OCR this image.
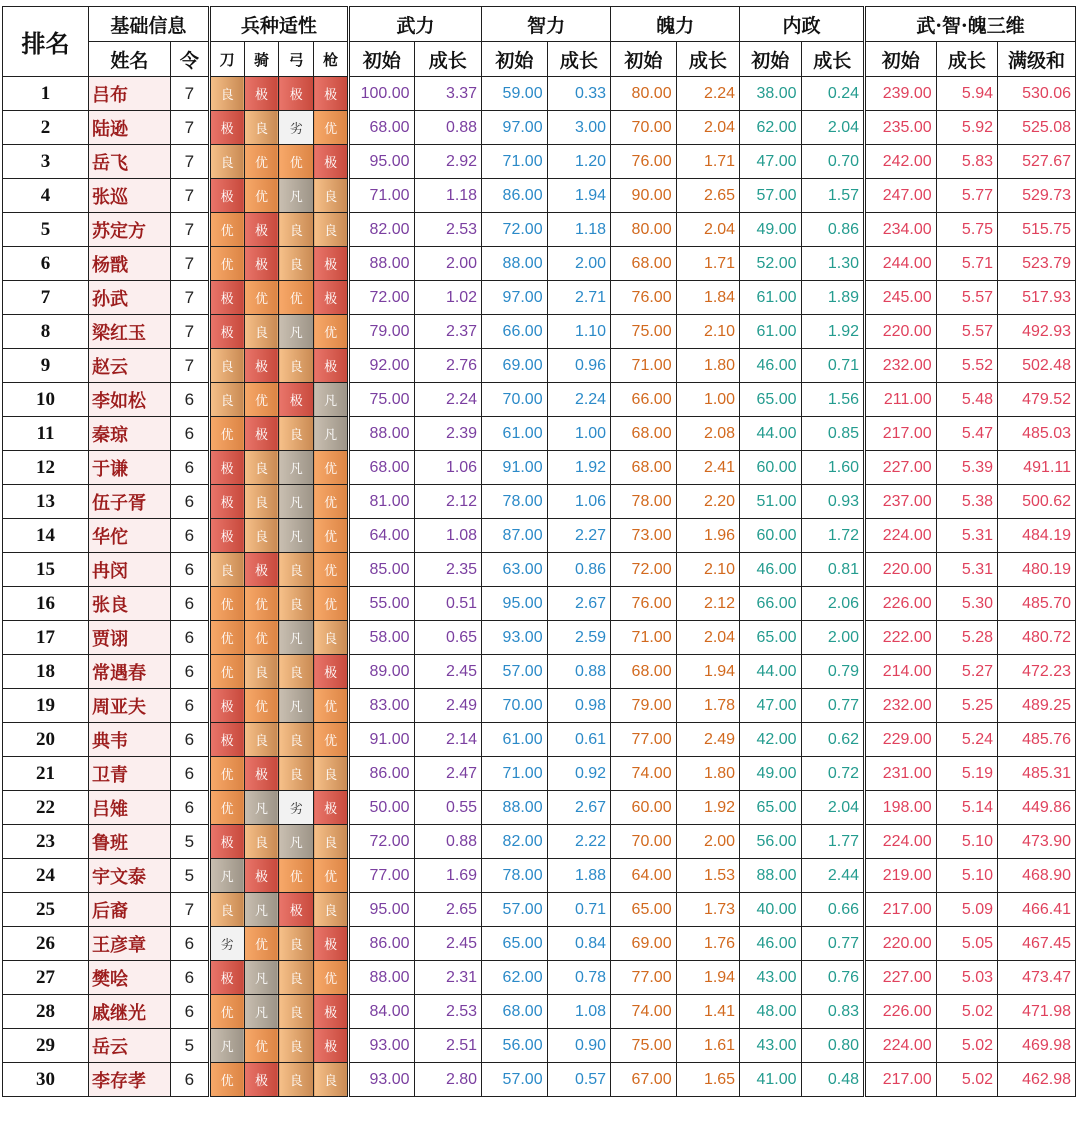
排名	基础信息		兵种适性				武力		智力		魄力		内政		武·智·魄三维		
	姓名	令	刀	骑	弓	枪	初始	成长	初始	成长	初始	成长	初始	成长	初始	成长	满级和
1	吕布	7	良	极	极	极	100.00	3.37	59.00	0.33	80.00	2.24	38.00	0.24	239.00	5.94	530.06
2	陆逊	7	极	良	劣	优	68.00	0.88	97.00	3.00	70.00	2.04	62.00	2.04	235.00	5.92	525.08
3	岳飞	7	良	优	优	极	95.00	2.92	71.00	1.20	76.00	1.71	47.00	0.70	242.00	5.83	527.67
4	张巡	7	极	优	凡	良	71.00	1.18	86.00	1.94	90.00	2.65	57.00	1.57	247.00	5.77	529.73
5	苏定方	7	优	极	良	良	82.00	2.53	72.00	1.18	80.00	2.04	49.00	0.86	234.00	5.75	515.75
6	杨戬	7	优	极	良	极	88.00	2.00	88.00	2.00	68.00	1.71	52.00	1.30	244.00	5.71	523.79
7	孙武	7	极	优	优	极	72.00	1.02	97.00	2.71	76.00	1.84	61.00	1.89	245.00	5.57	517.93
8	梁红玉	7	极	良	凡	优	79.00	2.37	66.00	1.10	75.00	2.10	61.00	1.92	220.00	5.57	492.93
9	赵云	7	良	极	良	极	92.00	2.76	69.00	0.96	71.00	1.80	46.00	0.71	232.00	5.52	502.48
10	李如松	6	良	优	极	凡	75.00	2.24	70.00	2.24	66.00	1.00	65.00	1.56	211.00	5.48	479.52
11	秦琼	6	优	极	良	凡	88.00	2.39	61.00	1.00	68.00	2.08	44.00	0.85	217.00	5.47	485.03
12	于谦	6	极	良	凡	优	68.00	1.06	91.00	1.92	68.00	2.41	60.00	1.60	227.00	5.39	491.11
13	伍子胥	6	极	良	凡	优	81.00	2.12	78.00	1.06	78.00	2.20	51.00	0.93	237.00	5.38	500.62
14	华佗	6	极	良	凡	优	64.00	1.08	87.00	2.27	73.00	1.96	60.00	1.72	224.00	5.31	484.19
15	冉闵	6	良	极	良	优	85.00	2.35	63.00	0.86	72.00	2.10	46.00	0.81	220.00	5.31	480.19
16	张良	6	优	优	良	优	55.00	0.51	95.00	2.67	76.00	2.12	66.00	2.06	226.00	5.30	485.70
17	贾诩	6	优	优	凡	良	58.00	0.65	93.00	2.59	71.00	2.04	65.00	2.00	222.00	5.28	480.72
18	常遇春	6	优	良	良	极	89.00	2.45	57.00	0.88	68.00	1.94	44.00	0.79	214.00	5.27	472.23
19	周亚夫	6	极	优	凡	优	83.00	2.49	70.00	0.98	79.00	1.78	47.00	0.77	232.00	5.25	489.25
20	典韦	6	极	良	良	优	91.00	2.14	61.00	0.61	77.00	2.49	42.00	0.62	229.00	5.24	485.76
21	卫青	6	优	极	良	良	86.00	2.47	71.00	0.92	74.00	1.80	49.00	0.72	231.00	5.19	485.31
22	吕雉	6	优	凡	劣	极	50.00	0.55	88.00	2.67	60.00	1.92	65.00	2.04	198.00	5.14	449.86
23	鲁班	5	极	良	凡	良	72.00	0.88	82.00	2.22	70.00	2.00	56.00	1.77	224.00	5.10	473.90
24	宇文泰	5	凡	极	优	优	77.00	1.69	78.00	1.88	64.00	1.53	88.00	2.44	219.00	5.10	468.90
25	后裔	7	良	凡	极	良	95.00	2.65	57.00	0.71	65.00	1.73	40.00	0.66	217.00	5.09	466.41
26	王彦章	6	劣	优	良	极	86.00	2.45	65.00	0.84	69.00	1.76	46.00	0.77	220.00	5.05	467.45
27	樊哙	6	极	凡	良	优	88.00	2.31	62.00	0.78	77.00	1.94	43.00	0.76	227.00	5.03	473.47
28	戚继光	6	优	凡	良	极	84.00	2.53	68.00	1.08	74.00	1.41	48.00	0.83	226.00	5.02	471.98
29	岳云	5	凡	优	良	极	93.00	2.51	56.00	0.90	75.00	1.61	43.00	0.80	224.00	5.02	469.98
30	李存孝	6	优	极	良	良	93.00	2.80	57.00	0.57	67.00	1.65	41.00	0.48	217.00	5.02	462.98
